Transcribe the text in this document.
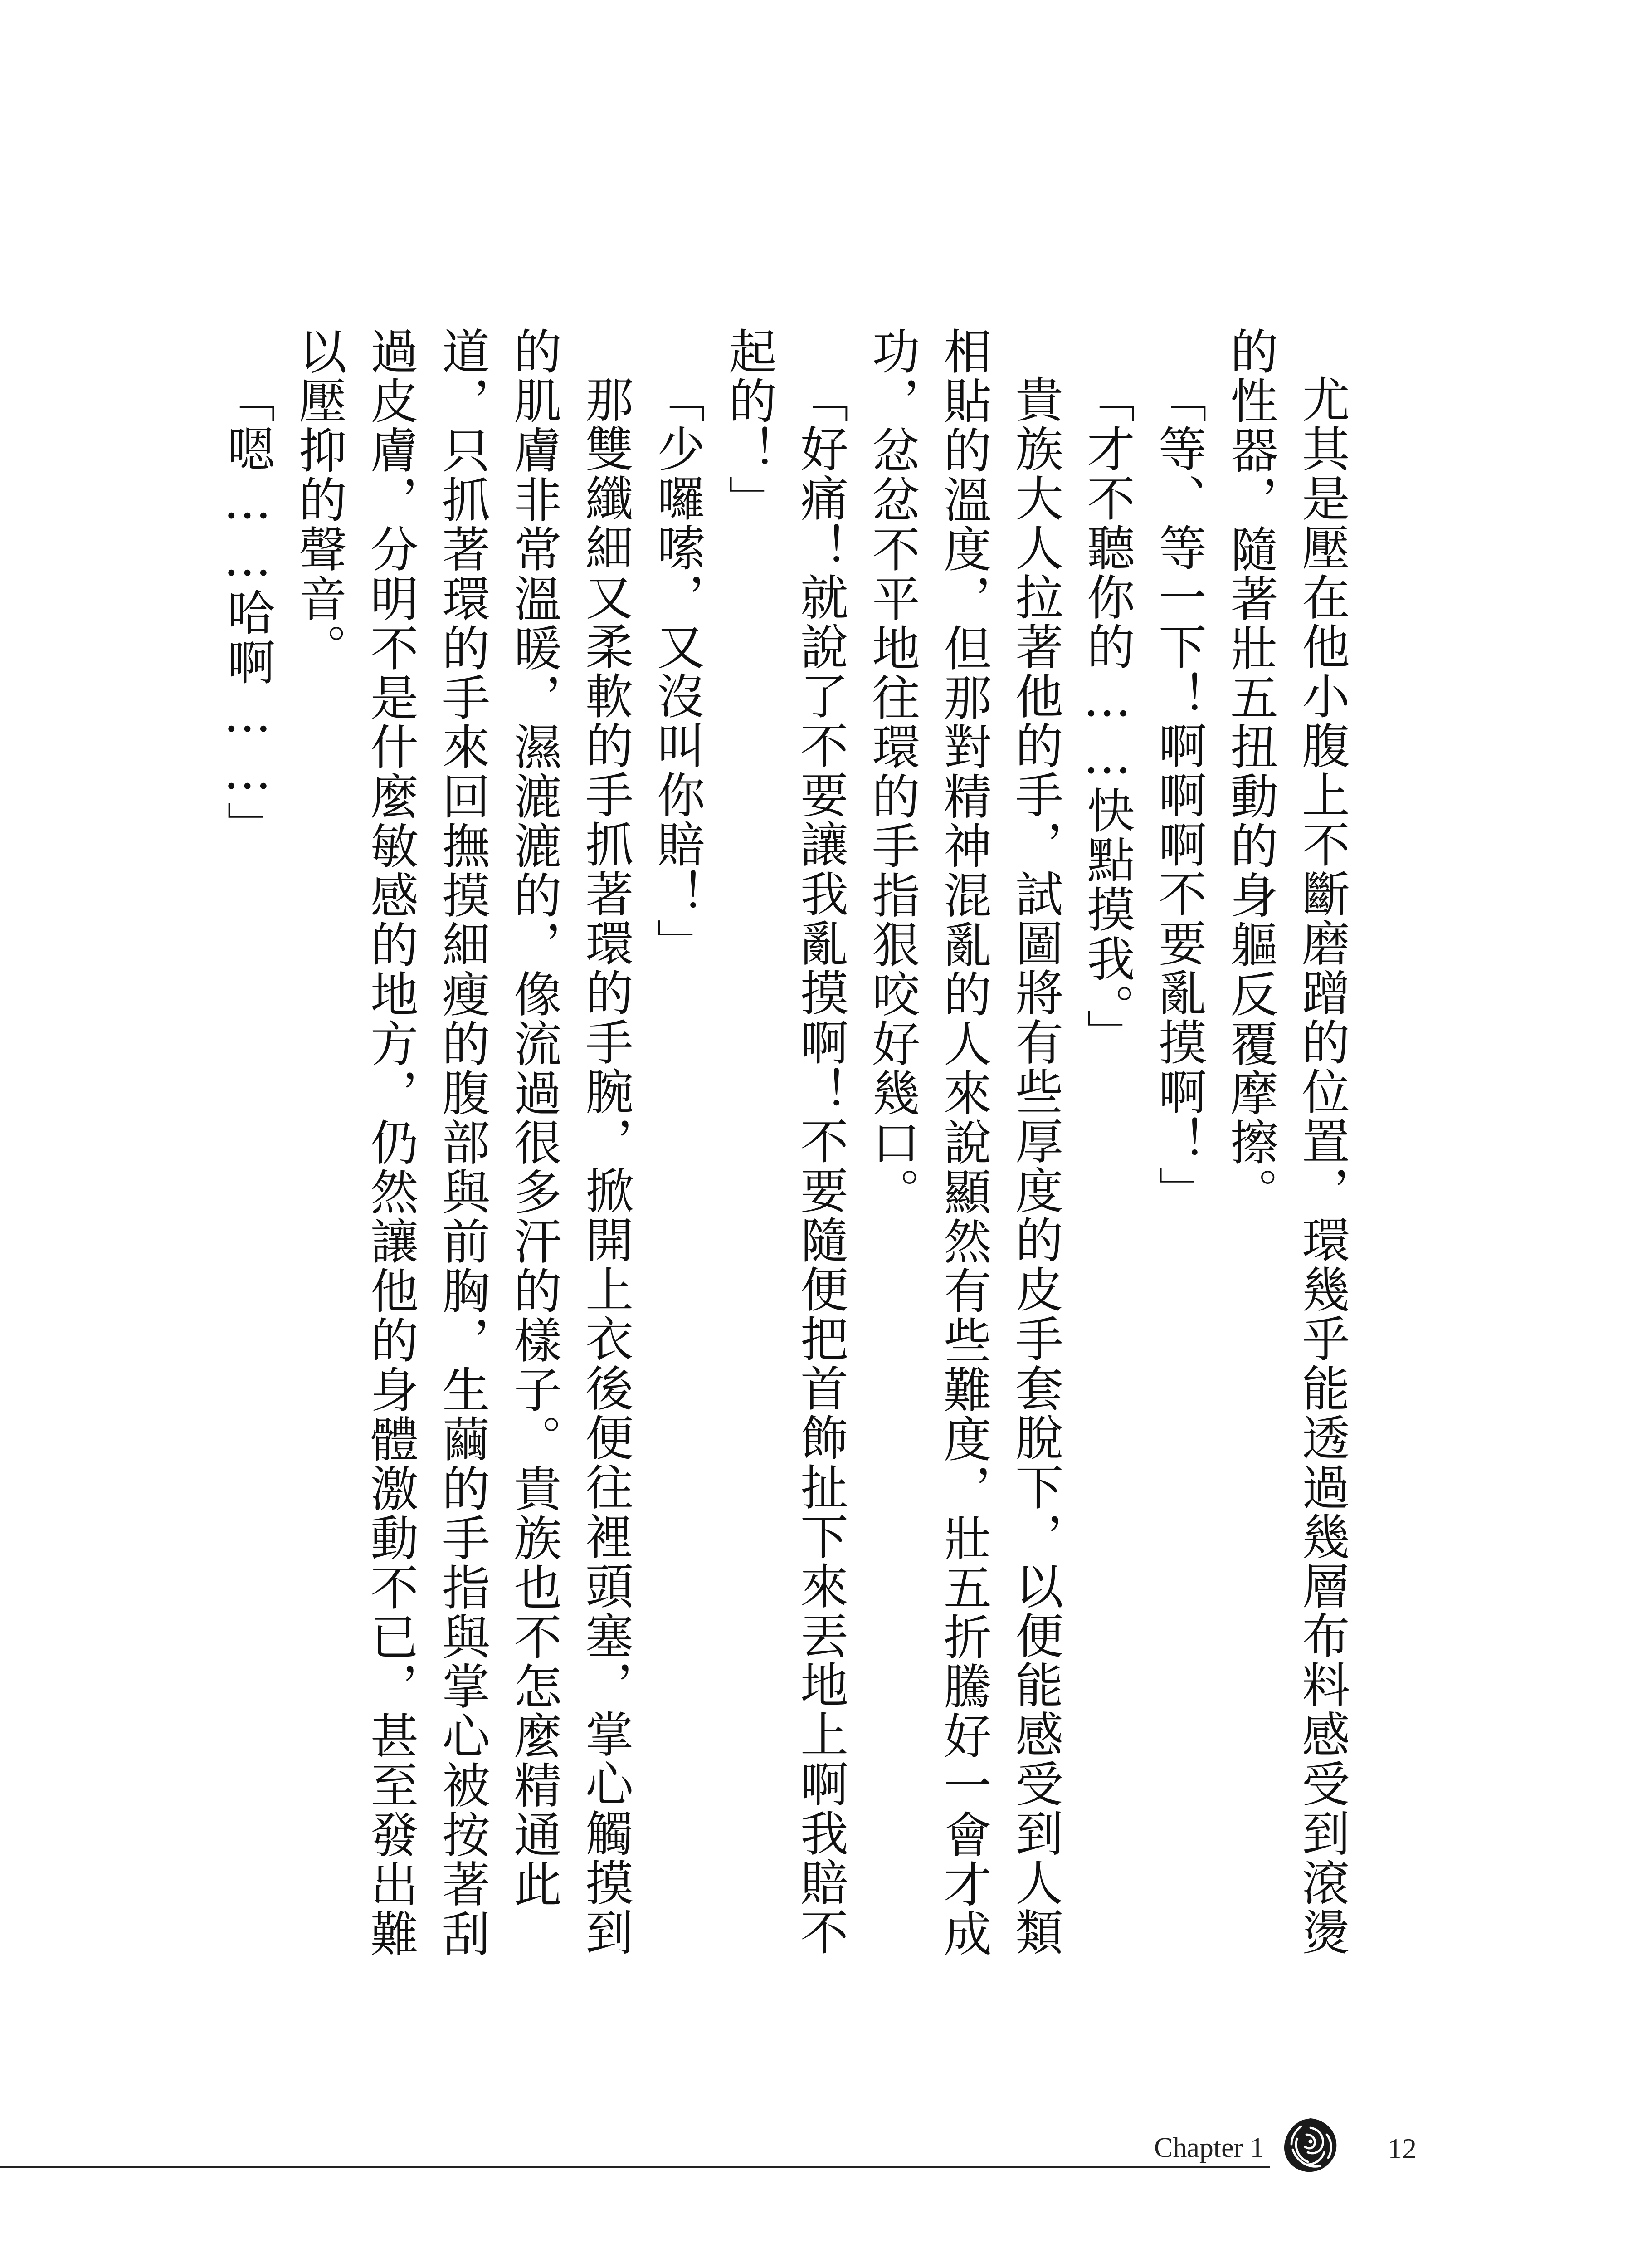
尤其是壓在他小腹上不斷磨蹭的位置，環幾乎能透過幾層布料感受到滾燙的性器，隨著壯五扭動的身軀反覆摩擦。

「等、等一下！啊啊啊不要亂摸啊！」

「才不聽你的……快點摸我。」

貴族大人拉著他的手，試圖將有些厚度的皮手套脫下，以便能感受到人類相貼的溫度，但那對精神混亂的人來說顯然有些難度，壯五折騰好一會才成功，忿忿不平地往環的手指狠咬好幾口。

「好痛！就說了不要讓我亂摸啊！不要隨便把首飾扯下來丟地上啊我賠不起的！」

「少囉嗦，又沒叫你賠！」

那雙纖細又柔軟的手抓著環的手腕，掀開上衣後便往裡頭塞，掌心觸摸到的肌膚非常溫暖，濕漉漉的，像流過很多汗的樣子。貴族也不怎麼精通此道，只抓著環的手來回撫摸細瘦的腹部與前胸，生繭的手指與掌心被按著刮過皮膚，分明不是什麼敏感的地方，仍然讓他的身體激動不已，甚至發出難以壓抑的聲音。

「嗯……哈啊……」

Chapter 1	12
